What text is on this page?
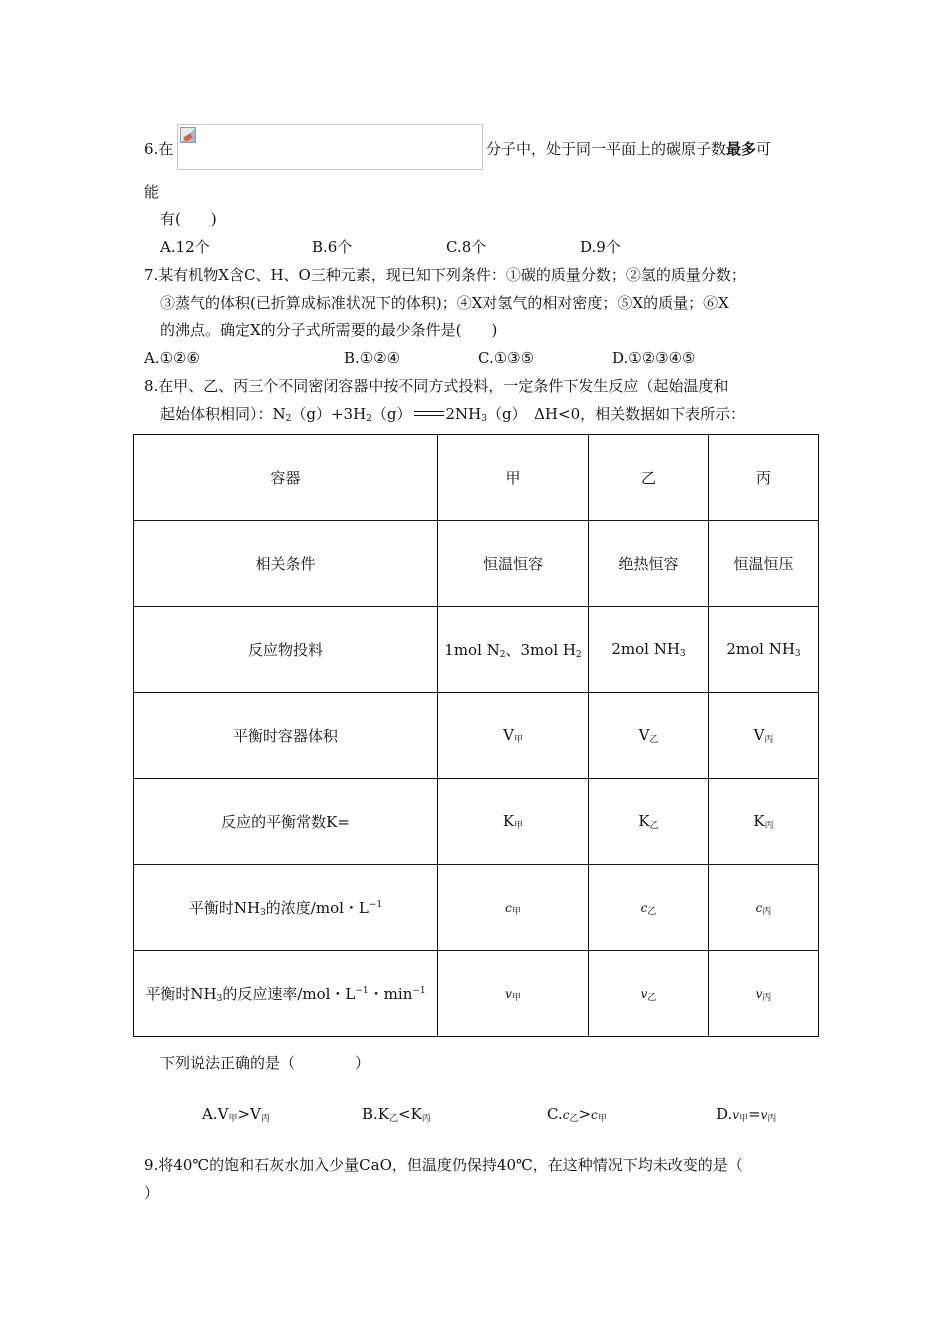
6.在	分子中，处于同一平面上的碳原子数最多可
能
有(　　)
A.12个	B.6个	C.8个	D.9个
7.某有机物X含C、H、O三种元素，现已知下列条件：①碳的质量分数；②氢的质量分数；
③蒸气的体积(已折算成标准状况下的体积)；④X对氢气的相对密度；⑤X的质量；⑥X
的沸点。确定X的分子式所需要的最少条件是(　　)
A.①②⑥	B.①②④	C.①③⑤	D.①②③④⑤
8.在甲、乙、丙三个不同密闭容器中按不同方式投料，一定条件下发生反应（起始温度和
起始体积相同）：$N_2(g)+3H_2(g)$ $2NH_3(g)$　ΔH<0，相关数据如下表所示：
容器	甲	乙	丙
相关条件	恒温恒容	绝热恒容	恒温恒压
反应物投料	1mol $N_2$、3mol $H_2$	2mol $NH_3$	2mol $NH_3$
平衡时容器体积	$V_甲$	$V_乙$	$V_丙$
反应的平衡常数K=	$K_甲$	$K_乙$	$K_丙$
平衡时$NH_3$的浓度/mol・$L^{-1}$	$c_甲$	$c_乙$	$c_丙$
平衡时$NH_3$的反应速率/mol・$L^{-1}$・$\min^{-1}$	$v_甲$	$v_乙$	$v_丙$
下列说法正确的是（　　　　）
$A.V_甲>V_丙$	$B.K_乙<K_丙$	$C.c_乙>c_甲$	$D.v_甲=v_丙$
9.将40℃的饱和石灰水加入少量CaO，但温度仍保持40℃，在这种情况下均未改变的是（
）
